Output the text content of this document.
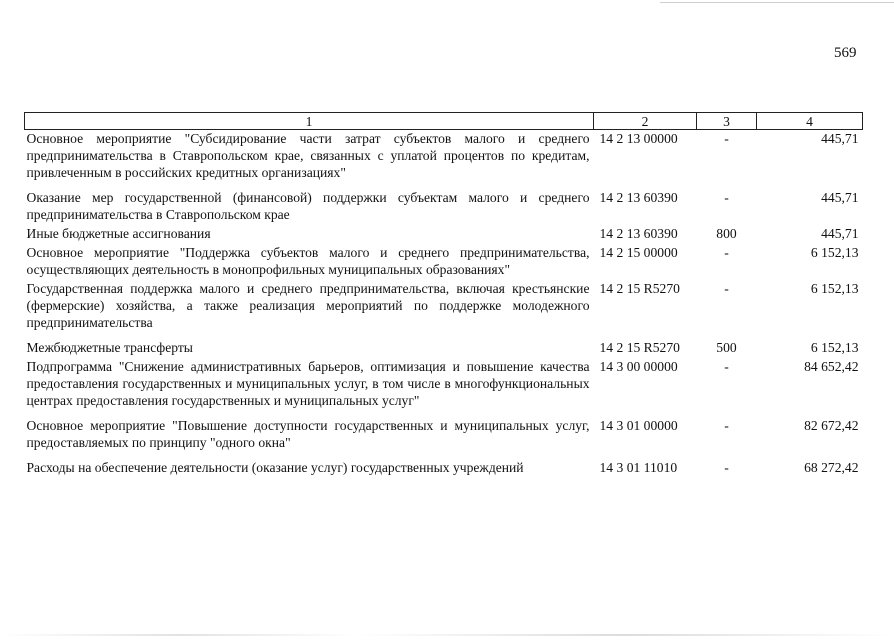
569
1	2	3	4
Основное мероприятие "Субсидирование части затрат субъектов малого и среднего предпринимательства в Ставропольском крае, связанных с уплатой процентов по кредитам, привлеченным в российских кредитных организациях"	14 2 13 00000	-	445,71
Оказание мер государственной (финансовой) поддержки субъектам малого и среднего предпринимательства в Ставропольском крае	14 2 13 60390	-	445,71
Иные бюджетные ассигнования	14 2 13 60390	800	445,71
Основное мероприятие "Поддержка субъектов малого и среднего предпринимательства, осуществляющих деятельность в монопрофильных муниципальных образованиях"	14 2 15 00000	-	6 152,13
Государственная поддержка малого и среднего предпринимательства, включая крестьянские (фермерские) хозяйства, а также реализация мероприятий по поддержке молодежного предпринимательства	14 2 15 R5270	-	6 152,13
Межбюджетные трансферты	14 2 15 R5270	500	6 152,13
Подпрограмма "Снижение административных барьеров, оптимизация и повышение качества предоставления государственных и муниципальных услуг, в том числе в многофункциональных центрах предоставления государственных и муниципальных услуг"	14 3 00 00000	-	84 652,42
Основное мероприятие "Повышение доступности государственных и муниципальных услуг, предоставляемых по принципу "одного окна"	14 3 01 00000	-	82 672,42
Расходы на обеспечение деятельности (оказание услуг) государственных учреждений	14 3 01 11010	-	68 272,42
